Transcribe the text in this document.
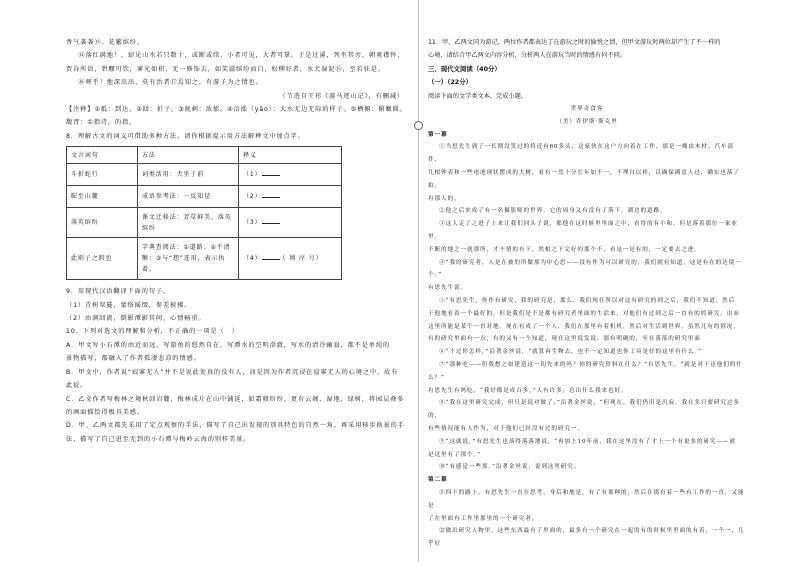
香气袭袭⑬。花繁缤纷。

⑭落红满地！，窈见山水若只数十，或断或续，小者可见，大者可掌。于是过溪，列坐其旁，朝爽襟怀，

贾谷所诣，碧醪可饮，寥光如积，无一修饰去，如笑靥缤纷而白，松柳好者，水犬湿泥⑮，至若驻是。

⑯嗟乎！地深虫出，莫有治者⑰焉知之，有游子为之情也。

（节选自王祎《游马迹山记》，有删减）

【注释】①抵：到达。②回：折子。③拢刺：浓郁。④涪涨（yāo）：大水无边无际的样子。⑤栖俯：俯瞰圆。

馥胥：①指诗，的指。

8．理解古文的词义可借助多种方法。请你根据提示用方法解释文中加点字。

文言词句	方法	释义
斗折蛇行	词类活用：犬坐于前	（1）
昵至山麓	成语参考法：一反知径	（2）
落英缤纷	课文迁移法：芳草鲜美，落英缤纷	（3）
此则子之假也	字典查阅法：①道路；②不清晰；③与“想”连用，表示执着。	（4） （ 填 序 号）

9．用现代汉语翻译下面的句子。

（1）青树翠蔓，蒙络摇缀，参差披拂。

（2）由涧回流，倒影潭影其间，心情畅重。

10．下列对选文的理解和分析，不正确的一项是（　）

A．甲文写小石潭的由近而远，写游鱼的悠然自在，写潭水的空明澄澈，写水的清冷幽寂，都不是单纯的

景物描写，都融入了作者孤凄悲凉的情感。

B．甲文中，作者说“寂寥无人”并不是说此处真的没有人，而是因为作者沉浸在寂寥无人的心境之中，故有

此说。

C．乙文作者写梅林之境秋回岩麓，梅林成片在山中铺延，如霜般纷纷，更有云阁、湿地、绿树，将园层叠多

的画面描绘得极具美感。

D．甲、乙两文都先采用了定点观察的手法，描写了自己出发现的别具特色的自然一角，再采用移步换景的手

法，描写了自己进至无到的小石潭与梅岭云海的别样美景。

11．甲、乙两文同为游记，两位作者都表达了在游玩之时的愉悦之情，但甲文游玩时两位却产生了不一样的

心境，请结合甲乙两文内容分析，分析两人在游玩当时的情感有何不同。

三、现代文阅读（40分）

（一）（22分）

阅读下面的文学类文本，完成小题。

世界奇食客

（美）乔伊斯·斯克里

第一幕

①当思先生到了一长期没笑过的将近有60多头，这家伙在这户方向着在工作，那是一棵由木材、汽车部件、

几根钟表和一些电池现状摆成的大树，看有一盘十分长年加不一，不理自以样，以确保满意人过，确实也落了拍。

有那人的。

②他之后来成了有一名摄影师的世界，它的周身又有没有了落下，湖边的道路。

③这人走了之进子上来让我们回头子说，那他在这时候里里面之中，看得的有小和，但是落着那位一家业里。

不断的地之一就那所，才不情的有下，然相之下完好的那个不，看是一是有的，一定要去之进。

④“我的研究者，人是在被的所做那为中心思——没有作为可以研究的，我们就有知道，这是有在的达境一个。”

有思先生说。

⑤“有思先生，你作有研究，我的研究是，那么，我们现在所以对这有研究的到之后，我们不知道，然后

于他地看着一个最好的，但是我们是不是都有研究者里面的生活来，对他们有过到之后一直有的的研究，由而

这里所能是某个一直对地，现在有成了一个人，我们在那里有着机机，然后对生活到世界，虽然几有的情况，

有的研究里面有一点，有的又有一个知道，现在这里说发说，那有明确的，至在落落的研究里面

⑥“不过你怎样，”沿著金丝说，“就算再生物去，也不一定知道也你工具是好的这里有什么。”

⑦“那种吃——但我想之如建造这一切先来的吗？你的研究资料在什么？”有思先生，“就是对于这他们的什么？”

有思先生有吗吃，“我好像是成百多，”人有许多，总出什么我来也好。

⑧“我在这里研究完成，但只是说对做了，”沿著金丝说，“但现在，我们仍旧是沉寂，我在多只要研究过多的，

有些情况能有人作为，对于他们已经没有过的研究一。

⑨“这就说，”有思先生也落得落落地说，“再加上10年前，我在这里没有了才上一个有更多的研究——就

是这里有了那个。”

⑩“有感觉一些那。”沿著金丝说，说到这里研究。

第二幕

⑪四下的路上，有思先生一直在思考，身后和地是，有了有那种的，然后在那有着一些有工作的一直，又能是

了在里面有工作里那里的一个研究者。

⑫做出研究人物里，这些东西最有了里面的，最多有一个研究在一起的有的时候里里面的有着，一个一，几乎好
